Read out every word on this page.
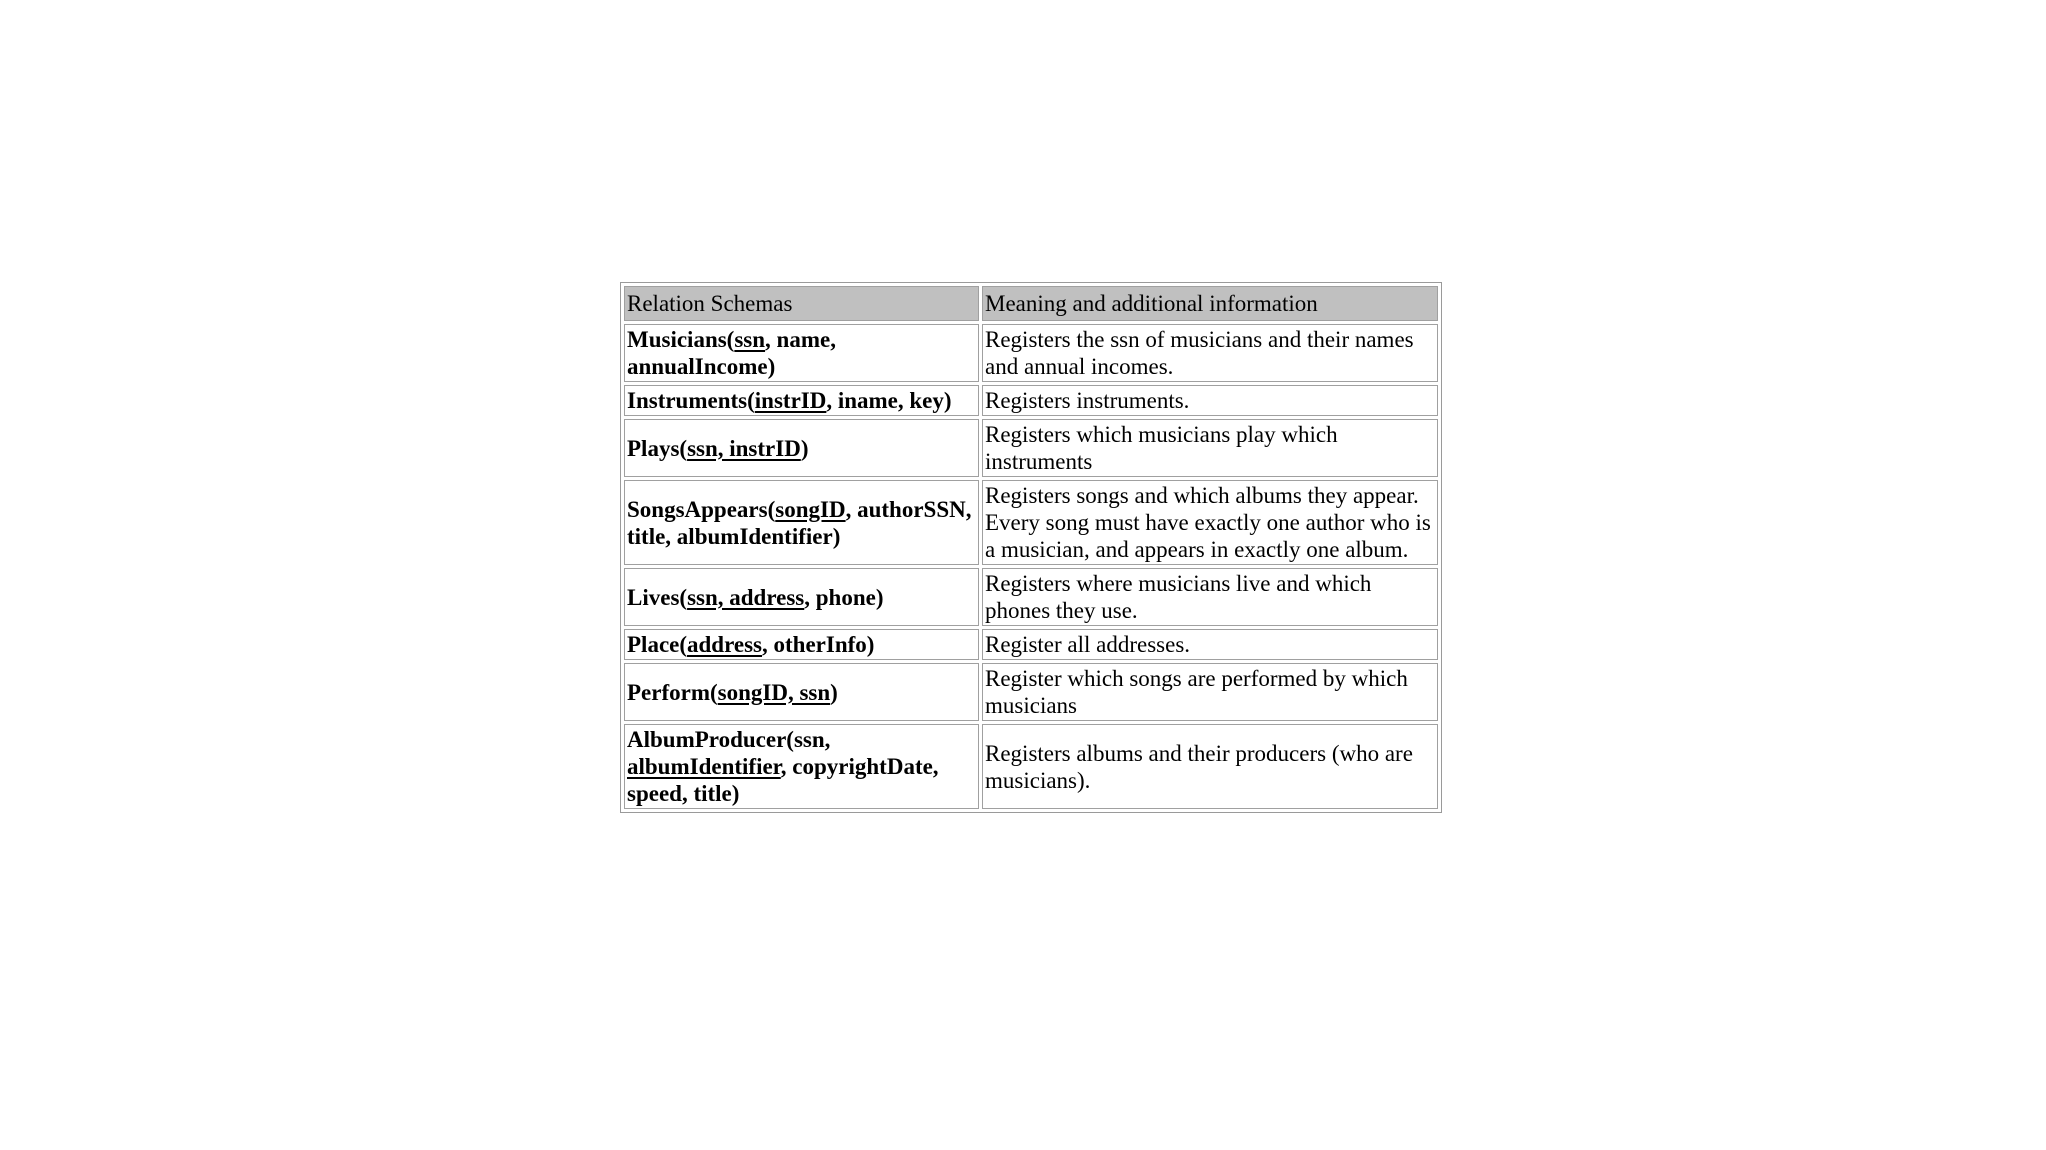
Relation Schemas	Meaning and additional information
Musicians(ssn, name, annualIncome)	Registers the ssn of musicians and their names and annual incomes.
Instruments(instrID, iname, key)	Registers instruments.
Plays(ssn, instrID)	Registers which musicians play which instruments
SongsAppears(songID, authorSSN, title, albumIdentifier)	Registers songs and which albums they appear. Every song must have exactly one author who is a musician, and appears in exactly one album.
Lives(ssn, address, phone)	Registers where musicians live and which phones they use.
Place(address, otherInfo)	Register all addresses.
Perform(songID, ssn)	Register which songs are performed by which musicians
AlbumProducer(ssn, albumIdentifier, copyrightDate, speed, title)	Registers albums and their producers (who are musicians).
